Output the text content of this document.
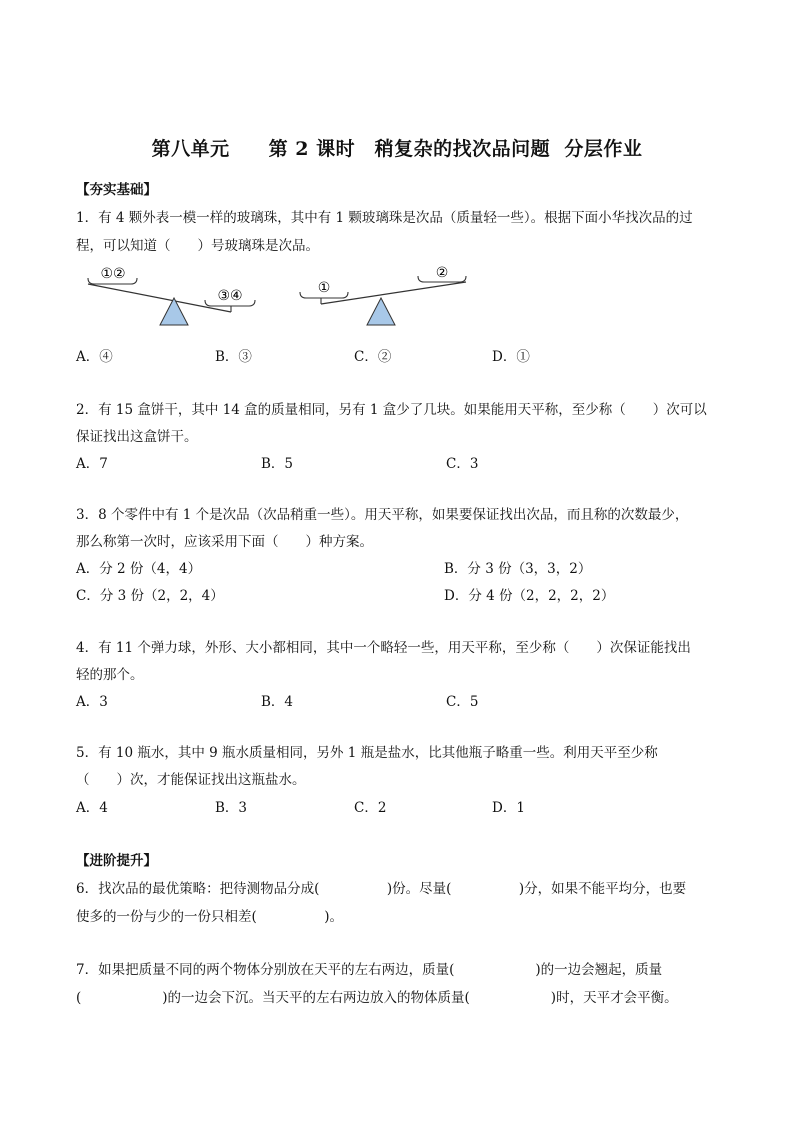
第八单元　　第 2 课时　稍复杂的找次品问题  分层作业
【夯实基础】
1．有 4 颗外表一模一样的玻璃珠，其中有 1 颗玻璃珠是次品（质量轻一些）。根据下面小华找次品的过
程，可以知道（　　）号玻璃珠是次品。
①②
③④	①
②
A．④	B．③	C．②	D．①
2．有 15 盒饼干，其中 14 盒的质量相同，另有 1 盒少了几块。如果能用天平称，至少称（　　）次可以
保证找出这盒饼干。
A．7	B．5	C．3
3．8 个零件中有 1 个是次品（次品稍重一些）。用天平称，如果要保证找出次品，而且称的次数最少，
那么称第一次时，应该采用下面（　　）种方案。
A．分 2 份（4，4）	B．分 3 份（3，3，2）
C．分 3 份（2，2，4）	D．分 4 份（2，2，2，2）
4．有 11 个弹力球，外形、大小都相同，其中一个略轻一些，用天平称，至少称（　　）次保证能找出
轻的那个。
A．3	B．4	C．5
5．有 10 瓶水，其中 9 瓶水质量相同，另外 1 瓶是盐水，比其他瓶子略重一些。利用天平至少称
（　　）次，才能保证找出这瓶盐水。
A．4	B．3	C．2	D．1
【进阶提升】
6．找次品的最优策略：把待测物品分成(　　　　　)份。尽量(　　　　　)分，如果不能平均分，也要
使多的一份与少的一份只相差(　　　　　)。
7．如果把质量不同的两个物体分别放在天平的左右两边，质量(　　　　　　)的一边会翘起，质量
(　　　　　　)的一边会下沉。当天平的左右两边放入的物体质量(　　　　　　)时，天平才会平衡。
